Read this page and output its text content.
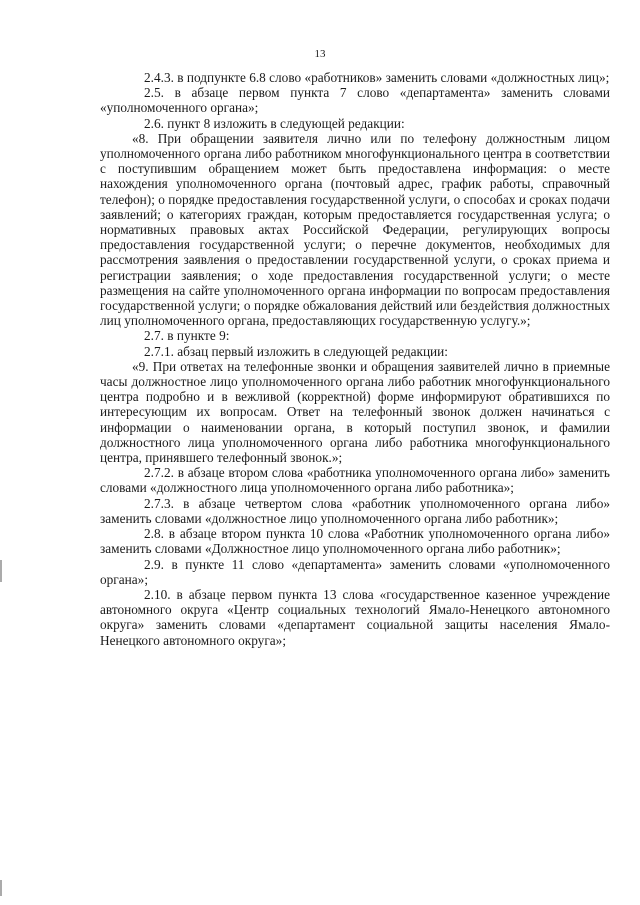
13

2.4.3. в подпункте 6.8 слово «работников» заменить словами «должностных лиц»;

2.5. в абзаце первом пункта 7 слово «департамента» заменить словами «уполномоченного органа»;

2.6. пункт 8 изложить в следующей редакции:

«8. При обращении заявителя лично или по телефону должностным лицом уполномоченного органа либо работником многофункционального центра в соответствии с поступившим обращением может быть предоставлена информация: о месте нахождения уполномоченного органа (почтовый адрес, график работы, справочный телефон); о порядке предоставления государственной услуги, о способах и сроках подачи заявлений; о категориях граждан, которым предоставляется государственная услуга; о нормативных правовых актах Российской Федерации, регулирующих вопросы предоставления государственной услуги; о перечне документов, необходимых для рассмотрения заявления о предоставлении государственной услуги, о сроках приема и регистрации заявления; о ходе предоставления государственной услуги; о месте размещения на сайте уполномоченного органа информации по вопросам предоставления государственной услуги; о порядке обжалования действий или бездействия должностных лиц уполномоченного органа, предоставляющих государственную услугу.»;

2.7. в пункте 9:

2.7.1. абзац первый изложить в следующей редакции:

«9. При ответах на телефонные звонки и обращения заявителей лично в приемные часы должностное лицо уполномоченного органа либо работник многофункционального центра подробно и в вежливой (корректной) форме информируют обратившихся по интересующим их вопросам. Ответ на телефонный звонок должен начинаться с информации о наименовании органа, в который поступил звонок, и фамилии должностного лица уполномоченного органа либо работника многофункционального центра, принявшего телефонный звонок.»;

2.7.2. в абзаце втором слова «работника уполномоченного органа либо» заменить словами «должностного лица уполномоченного органа либо работника»;

2.7.3. в абзаце четвертом слова «работник уполномоченного органа либо» заменить словами «должностное лицо уполномоченного органа либо работник»;

2.8. в абзаце втором пункта 10 слова «Работник уполномоченного органа либо» заменить словами «Должностное лицо уполномоченного органа либо работник»;

2.9. в пункте 11 слово «департамента» заменить словами «уполномоченного органа»;

2.10. в абзаце первом пункта 13 слова «государственное казенное учреждение автономного округа «Центр социальных технологий Ямало-Ненецкого автономного округа» заменить словами «департамент социальной защиты населения Ямало-Ненецкого автономного округа»;
